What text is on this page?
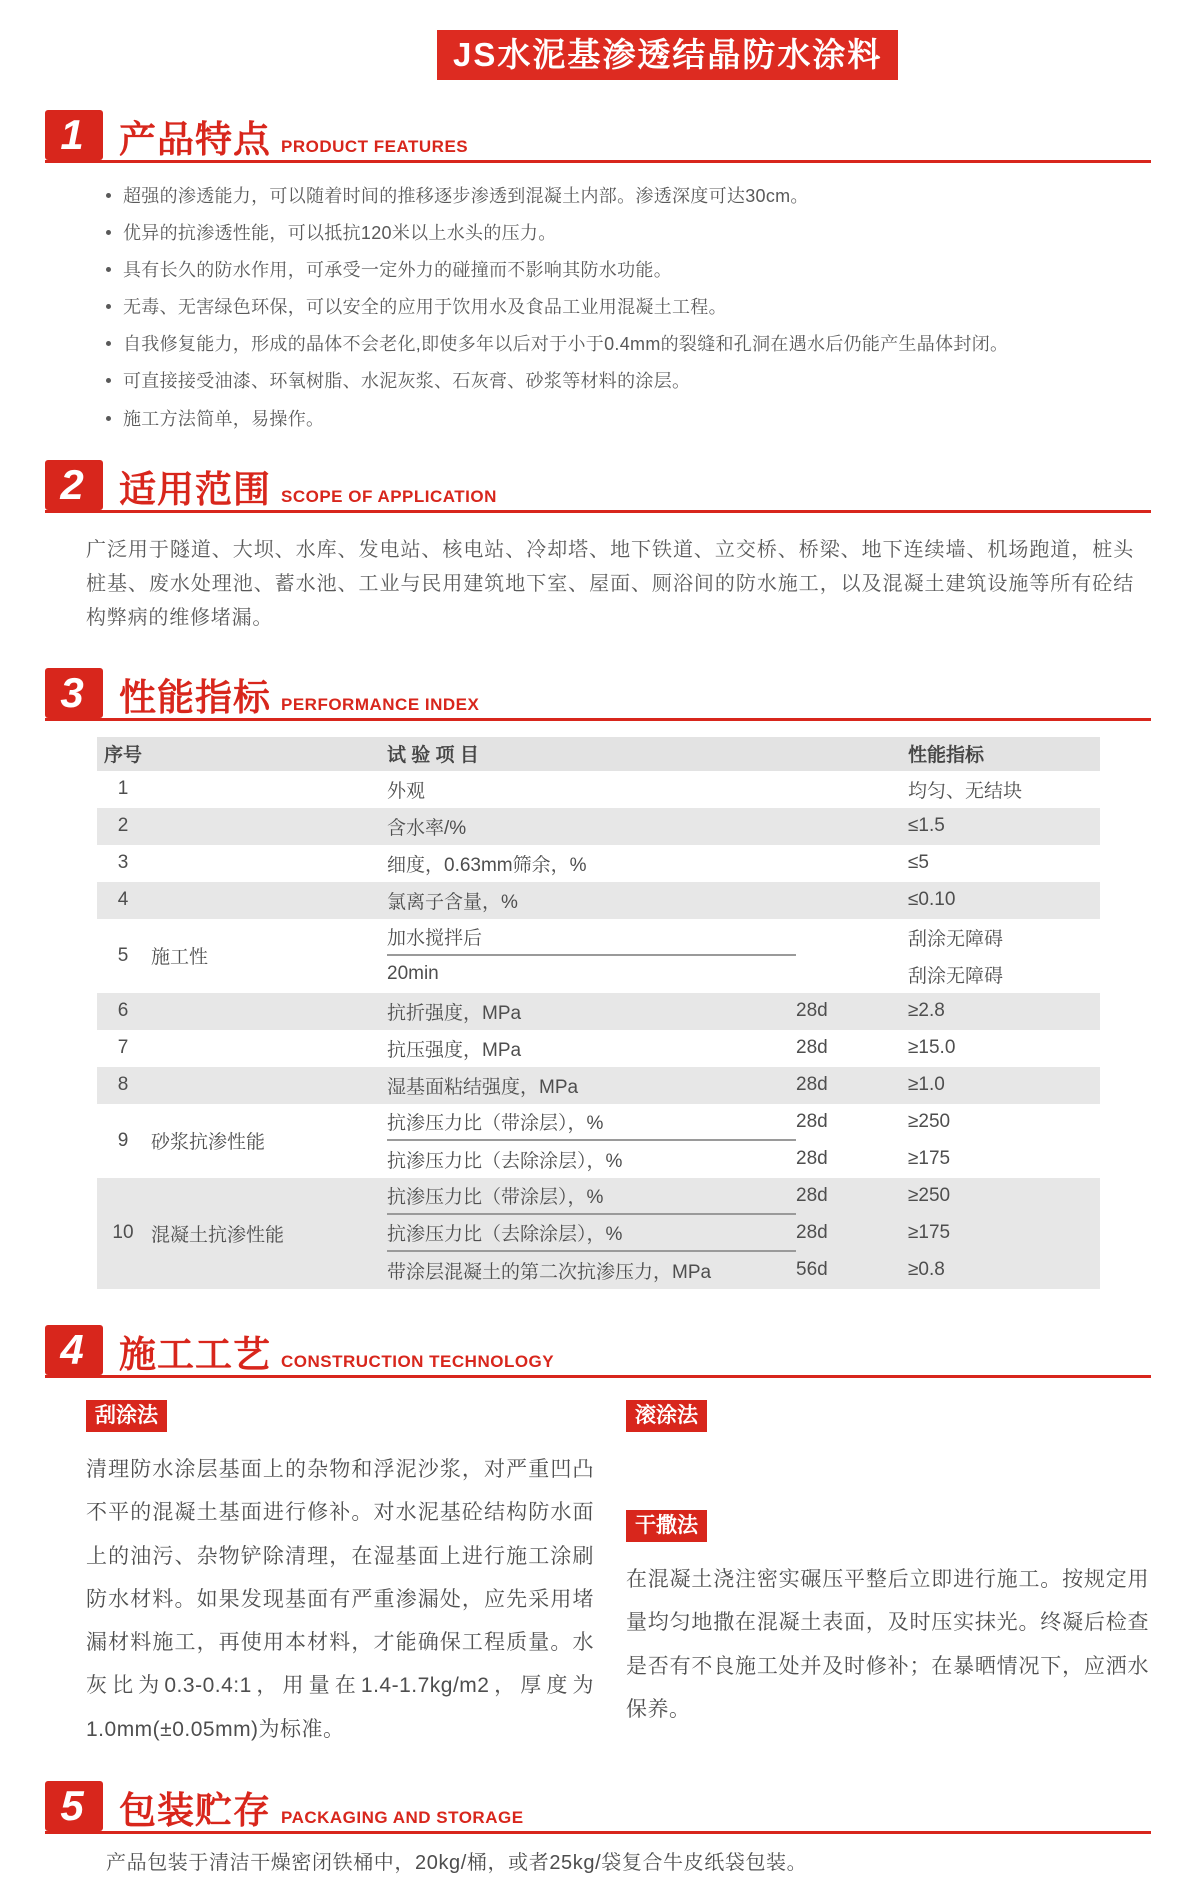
JS水泥基渗透结晶防水涂料
1 产品特点 PRODUCT FEATURES
超强的渗透能力，可以随着时间的推移逐步渗透到混凝土内部。渗透深度可达30cm。
优异的抗渗透性能，可以抵抗120米以上水头的压力。
具有长久的防水作用，可承受一定外力的碰撞而不影响其防水功能。
无毒、无害绿色环保，可以安全的应用于饮用水及食品工业用混凝土工程。
自我修复能力，形成的晶体不会老化,即使多年以后对于小于0.4mm的裂缝和孔洞在遇水后仍能产生晶体封闭。
可直接接受油漆、环氧树脂、水泥灰浆、石灰膏、砂浆等材料的涂层。
施工方法简单，易操作。
2 适用范围 SCOPE OF APPLICATION
广泛用于隧道、大坝、水库、发电站、核电站、冷却塔、地下铁道、立交桥、桥梁、地下连续墙、机场跑道，桩头桩基、废水处理池、蓄水池、工业与民用建筑地下室、屋面、厕浴间的防水施工，以及混凝土建筑设施等所有砼结构弊病的维修堵漏。
3 性能指标 PERFORMANCE INDEX
序号	试 验 项 目	性能指标
1	外观	均匀、无结块
2	含水率/%	≤1.5
3	细度，0.63mm筛余，%	≤5
4	氯离子含量，%	≤0.10
5	施工性
加水搅拌后	刮涂无障碍
20min	刮涂无障碍
6	抗折强度，MPa	28d	≥2.8
7	抗压强度，MPa	28d	≥15.0
8	湿基面粘结强度，MPa	28d	≥1.0
9	砂浆抗渗性能
抗渗压力比（带涂层），%	28d	≥250
抗渗压力比（去除涂层），%	28d	≥175
10 混凝土抗渗性能
抗渗压力比（带涂层），%	28d	≥250
抗渗压力比（去除涂层），%	28d	≥175
带涂层混凝土的第二次抗渗压力，MPa	56d	≥0.8
4 施工工艺 CONSTRUCTION TECHNOLOGY
刮涂法
清理防水涂层基面上的杂物和浮泥沙浆，对严重凹凸不平的混凝土基面进行修补。对水泥基砼结构防水面上的油污、杂物铲除清理，在湿基面上进行施工涂刷防水材料。如果发现基面有严重渗漏处，应先采用堵漏材料施工，再使用本材料，才能确保工程质量。水灰比为0.3-0.4:1，用量在1.4-1.7kg/m2，厚度为1.0mm(±0.05mm)为标准。
滚涂法
干撒法
在混凝土浇注密实碾压平整后立即进行施工。按规定用量均匀地撒在混凝土表面，及时压实抹光。终凝后检查是否有不良施工处并及时修补；在暴晒情况下，应洒水保养。
5 包装贮存 PACKAGING AND STORAGE
产品包装于清洁干燥密闭铁桶中，20kg/桶，或者25kg/袋复合牛皮纸袋包装。
